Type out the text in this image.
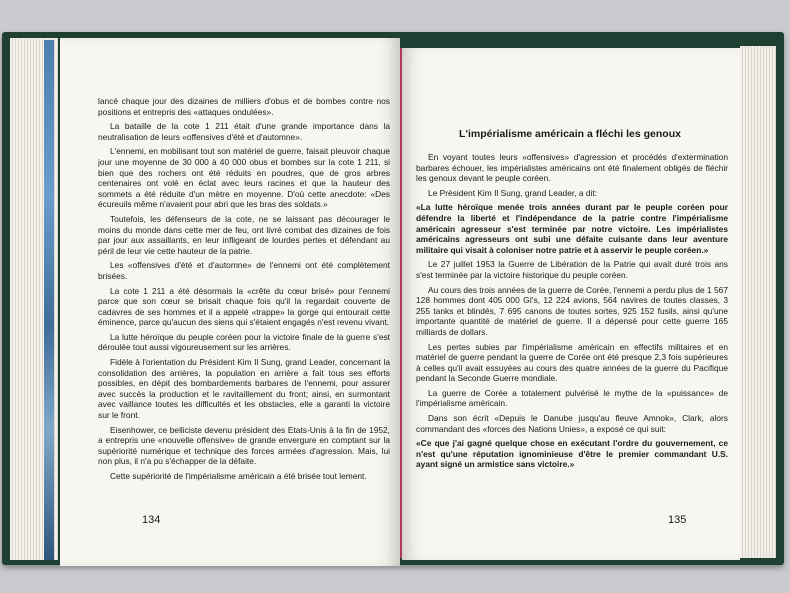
lancé chaque jour des dizaines de milliers d'obus et de bombes contre nos positions et entrepris des «attaques ondulées».

La bataille de la cote 1 211 était d'une grande importance dans la neutralisation de leurs «offensives d'été et d'automne».

L'ennemi, en mobilisant tout son matériel de guerre, faisait pleuvoir chaque jour une moyenne de 30 000 à 40 000 obus et bombes sur la cote 1 211, si bien que des rochers ont été réduits en poudres, que de gros arbres centenaires ont volé en éclat avec leurs racines et que la hauteur des sommets a été réduite d'un mètre en moyenne. D'où cette anecdote: «Des écureuils même n'avaient pour abri que les bras des soldats.»

Toutefois, les défenseurs de la cote, ne se laissant pas décourager le moins du monde dans cette mer de feu, ont livré combat des dizaines de fois par jour aux assaillants, en leur infligeant de lourdes pertes et défendant au péril de leur vie cette hauteur de la patrie.

Les «offensives d'été et d'automne» de l'ennemi ont été complètement brisées.

La cote 1 211 a été désormais la «crête du cœur brisé» pour l'ennemi parce que son cœur se brisait chaque fois qu'il la regardait couverte de cadavres de ses hommes et il a appelé «trappe» la gorge qui entourait cette éminence, parce qu'aucun des siens qui s'étaient engagés n'est revenu vivant.

La lutte héroïque du peuple coréen pour la victoire finale de la guerre s'est déroulée tout aussi vigoureusement sur les arrières.

Fidèle à l'orientation du Président Kim Il Sung, grand Leader, concernant la consolidation des arrières, la population en arrière a fait tous ses efforts possibles, en dépit des bombardements barbares de l'ennemi, pour assurer avec succès la production et le ravitaillement du front; ainsi, en surmontant avec vaillance toutes les difficultés et les obstacles, elle a garanti la victoire sur le front.

Eisenhower, ce belliciste devenu président des Etats-Unis à la fin de 1952, a entrepris une «nouvelle offensive» de grande envergure en comptant sur la supériorité numérique et technique des forces armées d'agression. Mais, lui non plus, il n'a pu s'échapper de la défaite.

Cette supériorité de l'impérialisme américain a été brisée tout lement.

134
L'impérialisme américain a fléchi les genoux

En voyant toutes leurs «offensives» d'agression et procédés d'extermination barbares échouer, les impérialistes américains ont été finalement obligés de fléchir les genoux devant le peuple coréen.

Le Président Kim Il Sung, grand Leader, a dit:

«La lutte héroïque menée trois années durant par le peuple coréen pour défendre la liberté et l'indépendance de la patrie contre l'impérialisme américain agresseur s'est terminée par notre victoire. Les impérialistes américains agresseurs ont subi une défaite cuisante dans leur aventure militaire qui visait à coloniser notre patrie et à asservir le peuple coréen.»

Le 27 juillet 1953 la Guerre de Libération de la Patrie qui avait duré trois ans s'est terminée par la victoire historique du peuple coréen.

Au cours des trois années de la guerre de Corée, l'ennemi a perdu plus de 1 567 128 hommes dont 405 000 GI's, 12 224 avions, 564 navires de toutes classes, 3 255 tanks et blindés, 7 695 canons de toutes sortes, 925 152 fusils, ainsi qu'une importante quantité de matériel de guerre. Il a dépensé pour cette guerre 165 milliards de dollars.

Les pertes subies par l'impérialisme américain en effectifs militaires et en matériel de guerre pendant la guerre de Corée ont été presque 2,3 fois supérieures à celles qu'il avait essuyées au cours des quatre années de la guerre du Pacifique pendant la Seconde Guerre mondiale.

La guerre de Corée a totalement pulvérisé le mythe de la «puissance» de l'impérialisme américain.

Dans son écrit «Depuis le Danube jusqu'au fleuve Amnok», Clark, alors commandant des «forces des Nations Unies», a exposé ce qui suit:

«Ce que j'ai gagné quelque chose en exécutant l'ordre du gouvernement, ce n'est qu'une réputation ignominieuse d'être le premier commandant U.S. ayant signé un armistice sans victoire.»

135
